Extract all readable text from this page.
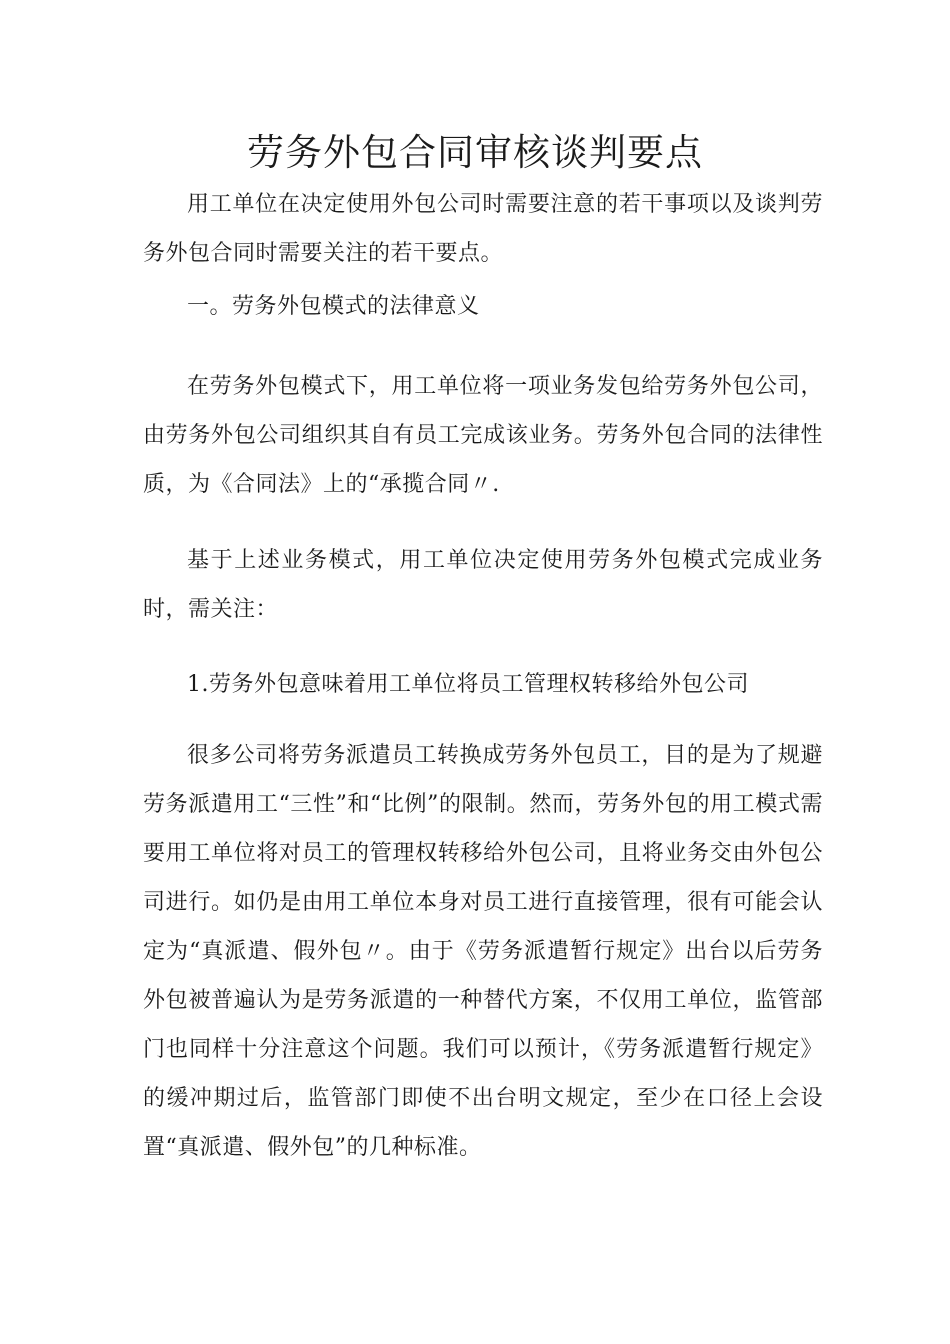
劳务外包合同审核谈判要点

用工单位在决定使用外包公司时需要注意的若干事项以及谈判劳务外包合同时需要关注的若干要点。

一。劳务外包模式的法律意义

在劳务外包模式下，用工单位将一项业务发包给劳务外包公司，由劳务外包公司组织其自有员工完成该业务。劳务外包合同的法律性质，为《合同法》上的“承揽合同〃.

基于上述业务模式，用工单位决定使用劳务外包模式完成业务时，需关注：

1.劳务外包意味着用工单位将员工管理权转移给外包公司

很多公司将劳务派遣员工转换成劳务外包员工，目的是为了规避劳务派遣用工“三性”和“比例”的限制。然而，劳务外包的用工模式需要用工单位将对员工的管理权转移给外包公司，且将业务交由外包公司进行。如仍是由用工单位本身对员工进行直接管理，很有可能会认定为“真派遣、假外包〃。由于《劳务派遣暂行规定》出台以后劳务外包被普遍认为是劳务派遣的一种替代方案，不仅用工单位，监管部门也同样十分注意这个问题。我们可以预计，《劳务派遣暂行规定》的缓冲期过后，监管部门即使不出台明文规定，至少在口径上会设置“真派遣、假外包”的几种标准。
